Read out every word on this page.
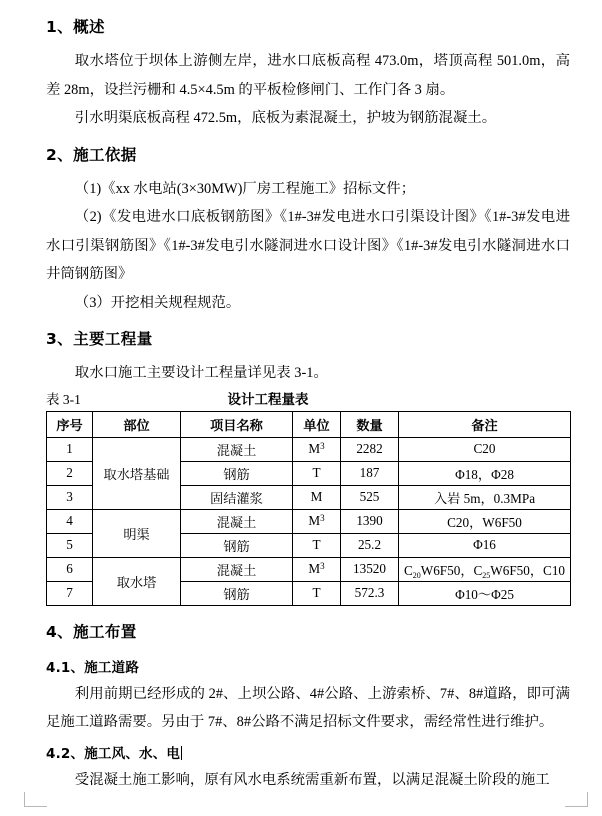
1、概述

取水塔位于坝体上游侧左岸，进水口底板高程 473.0m，塔顶高程 501.0m，高差 28m，设拦污栅和 4.5×4.5m 的平板检修闸门、工作门各 3 扇。

引水明渠底板高程 472.5m，底板为素混凝土，护坡为钢筋混凝土。

2、施工依据

（1)《xx 水电站(3×30MW)厂房工程施工》招标文件；

（2)《发电进水口底板钢筋图》《1#-3#发电进水口引渠设计图》《1#-3#发电进水口引渠钢筋图》《1#-3#发电引水隧洞进水口设计图》《1#-3#发电引水隧洞进水口井筒钢筋图》

（3）开挖相关规程规范。

3、主要工程量

取水口施工主要设计工程量详见表 3-1。

表 3-1	设计工程量表
序号	部位	项目名称	单位	数量	备注
1	取水塔基础	混凝土	$M^3$	2282	C20
2		钢筋	T	187	Φ18，Φ28
3		固结灌浆	M	525	入岩 5m，0.3MPa
4	明渠	混凝土	$M^3$	1390	C20，W6F50
5		钢筋	T	25.2	Φ16
6	取水塔	混凝土	$M^3$	13520	$C_{20}W6F50$，$C_{25}W6F50$，C10
7		钢筋	T	572.3	Φ10～Φ25
4、施工布置
4.1、施工道路

利用前期已经形成的 2#、上坝公路、4#公路、上游索桥、7#、8#道路，即可满足施工道路需要。另由于 7#、8#公路不满足招标文件要求，需经常性进行维护。

4.2、施工风、水、电

受混凝土施工影响，原有风水电系统需重新布置，以满足混凝土阶段的施工
